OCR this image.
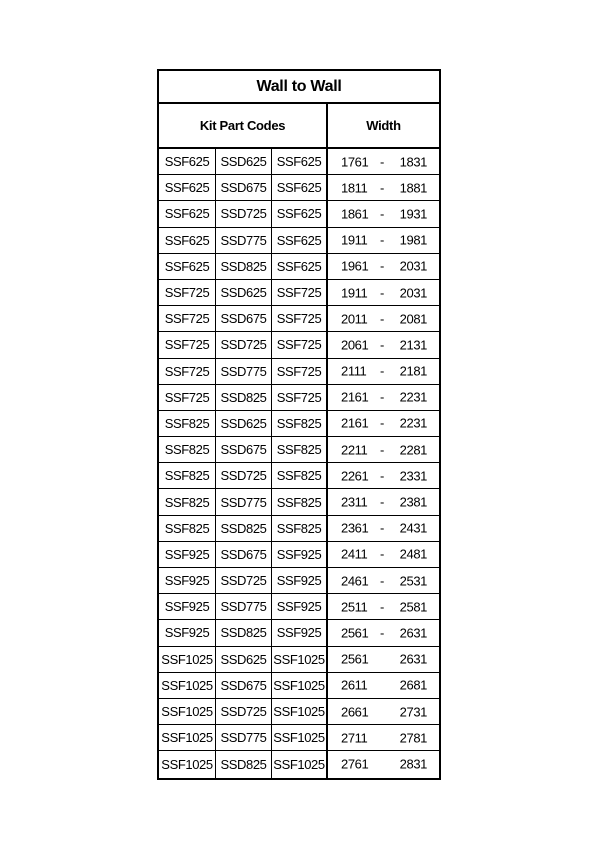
Wall to Wall
Kit Part Codes	Width
SSF625 SSD625 SSF625	1761 - 1831
SSF625 SSD675 SSF625	1811 - 1881
SSF625 SSD725 SSF625	1861 - 1931
SSF625 SSD775 SSF625	1911 - 1981
SSF625 SSD825 SSF625	1961 - 2031
SSF725 SSD625 SSF725	1911 - 2031
SSF725 SSD675 SSF725	2011 - 2081
SSF725 SSD725 SSF725	2061 - 2131
SSF725 SSD775 SSF725	2111 - 2181
SSF725 SSD825 SSF725	2161 - 2231
SSF825 SSD625 SSF825	2161 - 2231
SSF825 SSD675 SSF825	2211 - 2281
SSF825 SSD725 SSF825	2261 - 2331
SSF825 SSD775 SSF825	2311 - 2381
SSF825 SSD825 SSF825	2361 - 2431
SSF925 SSD675 SSF925	2411 - 2481
SSF925 SSD725 SSF925	2461 - 2531
SSF925 SSD775 SSF925	2511 - 2581
SSF925 SSD825 SSF925	2561 - 2631
SSF1025 SSD625 SSF1025 2561 2631
SSF1025 SSD675 SSF1025 2611 2681
SSF1025 SSD725 SSF1025 2661 2731
SSF1025 SSD775 SSF1025 2711 2781
SSF1025 SSD825 SSF1025 2761 2831
